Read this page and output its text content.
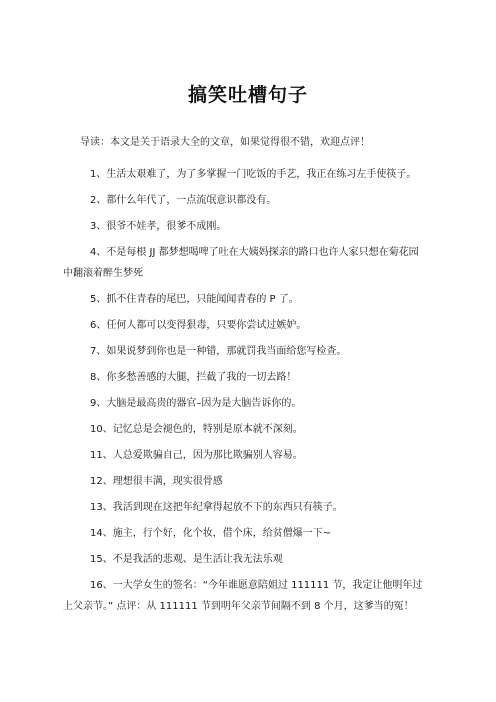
搞笑吐槽句子
导读：本文是关于语录大全的文章，如果觉得很不错，欢迎点评！
1、生活太艰难了，为了多掌握一门吃饭的手艺，我正在练习左手使筷子。
2、都什么年代了，一点流氓意识都没有。
3、很爷不娃孝，很爹不成刚。
4、不是每根 JJ 都梦想喝啤了吐在大姨妈探亲的路口也许人家只想在菊花园
中翻滚着醉生梦死
5、抓不住青春的尾巴，只能闻闻青春的 P 了。
6、任何人都可以变得狠毒，只要你尝试过嫉妒。
7、如果说梦到你也是一种错，那就罚我当面给您写检查。
8、你多愁善感的大腿，拦截了我的一切去路！
9、大脑是最高贵的器官–因为是大脑告诉你的。
10、记忆总是会褪色的，特别是原本就不深刻。
11、人总爱欺骗自己，因为那比欺骗别人容易。
12、理想很丰满，现实很骨感
13、我活到现在这把年纪拿得起放不下的东西只有筷子。
14、施主，行个好，化个妆，借个床，给贫僧爆一下~
15、不是我活的悲观、是生活让我无法乐观
16、一大学女生的签名：“今年谁愿意陪姐过 111111 节，我定让他明年过
上父亲节。” 点评：从 111111 节到明年父亲节间隔不到 8 个月，这爹当的冤！
